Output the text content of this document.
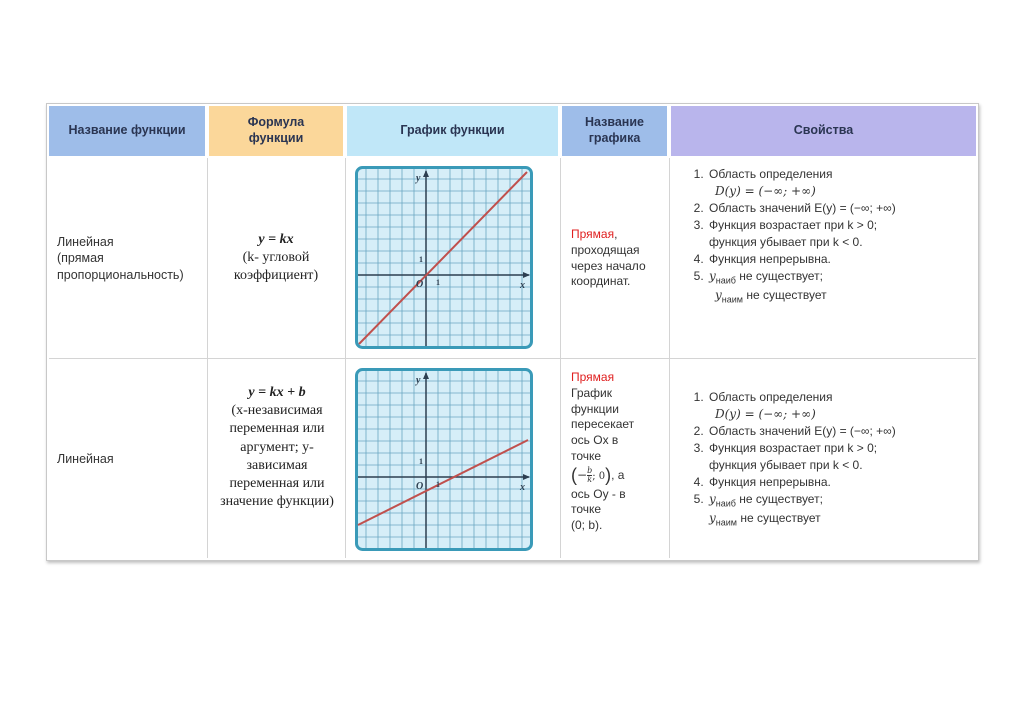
Название функции
Формула функции
График функции
Название графика
Свойства
Линейная
(прямая
пропорциональность)
y = kx
(k- угловой коэффициент)
y
x
O
1
1
Прямая, проходящая через начало координат.
1. Область определения
D(y) = (−∞; +∞)
2. Область значений E(y) = (−∞; +∞)
3. Функция возрастает при k > 0;
функция убывает при k < 0.
4. Функция непрерывна.
5. $y_{наиб}$ не существует;
$y_{наим}$ не существует
Линейная
y = kx + b
(x-независимая переменная или аргумент; y-зависимая переменная или значение функции)
y
x
O
1
1
Прямая
График
функции
пересекает
ось Ox в
точке
(− $\frac{b}{k}$ ; 0), а
ось Oy - в
точке
(0; b).
1. Область определения
D(y) = (−∞; +∞)
2. Область значений E(y) = (−∞; +∞)
3. Функция возрастает при k > 0;
функция убывает при k < 0.
4. Функция непрерывна.
5. $y_{наиб}$ не существует;
$y_{наим}$ не существует
